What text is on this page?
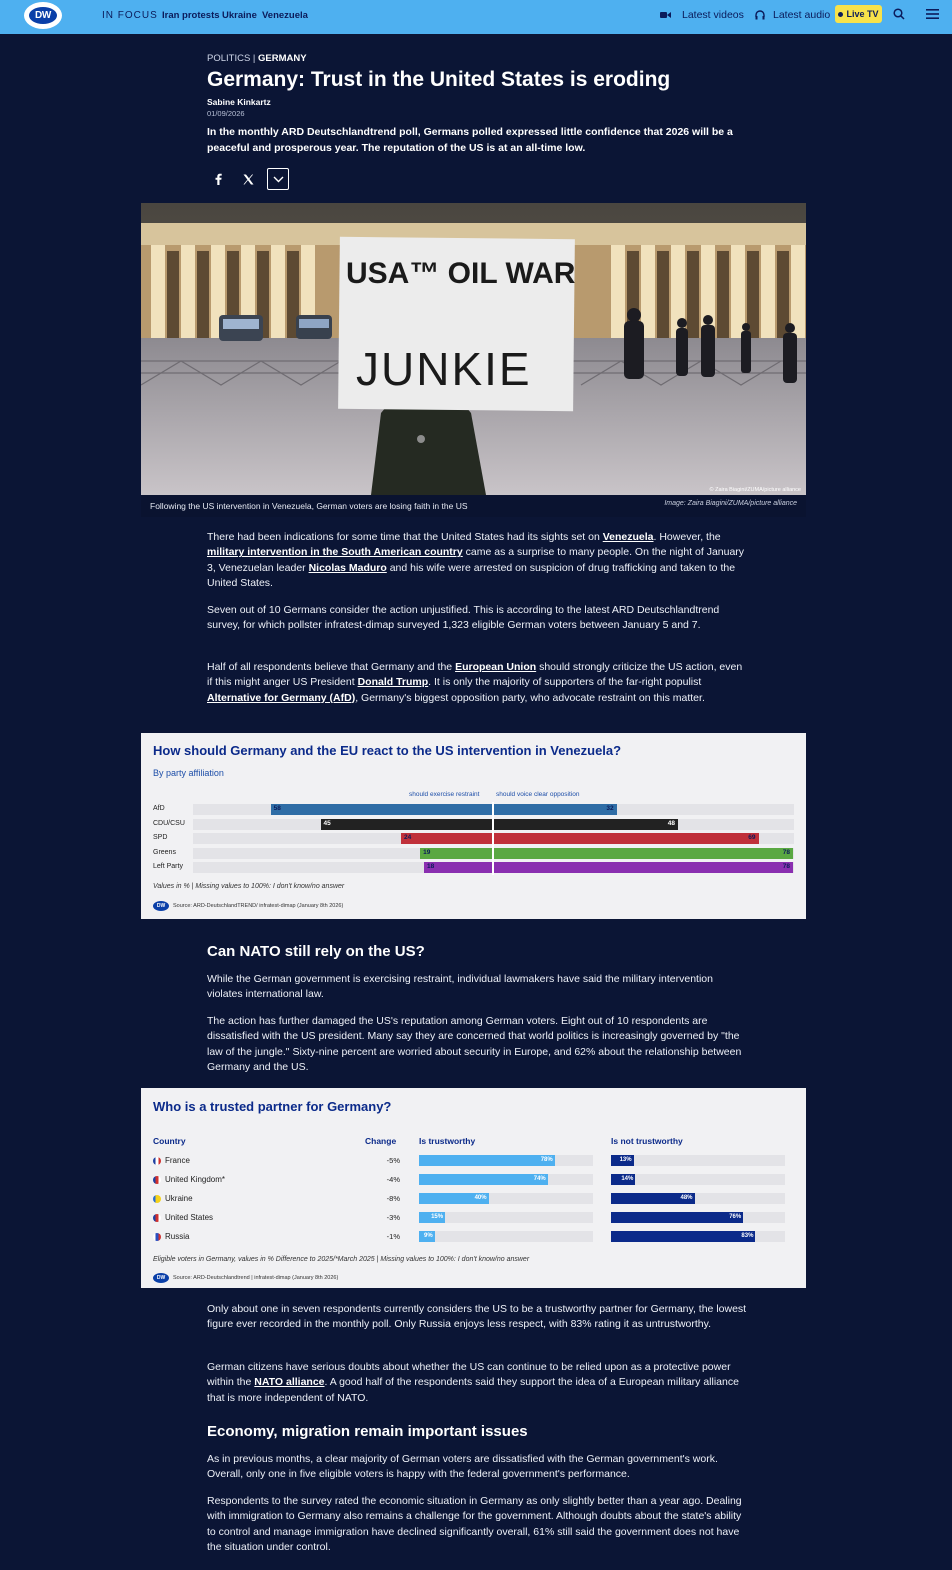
DW	IN FOCUS Iran protests Ukraine Venezuela	Latest videos	Latest audio Live TV
POLITICS | GERMANY
Germany: Trust in the United States is eroding
Sabine Kinkartz
01/09/2026
In the monthly ARD Deutschlandtrend poll, Germans polled expressed little confidence that 2026 will be a peaceful and prosperous year. The reputation of the US is at an all-time low.
USA™ OIL WAR
JUNKIE
© Zaira Biagini/ZUMA/picture alliance
Following the US intervention in Venezuela, German voters are losing faith in the US	Image: Zaira Biagini/ZUMA/picture alliance

There had been indications for some time that the United States had its sights set on Venezuela. However, the military intervention in the South American country came as a surprise to many people. On the night of January 3, Venezuelan leader Nicolas Maduro and his wife were arrested on suspicion of drug trafficking and taken to the United States.

Seven out of 10 Germans consider the action unjustified. This is according to the latest ARD Deutschlandtrend survey, for which pollster infratest-dimap surveyed 1,323 eligible German voters between January 5 and 7.

Half of all respondents believe that Germany and the European Union should strongly criticize the US action, even if this might anger US President Donald Trump. It is only the majority of supporters of the far-right populist Alternative for Germany (AfD), Germany's biggest opposition party, who advocate restraint on this matter.

How should Germany and the EU react to the US intervention in Venezuela?
By party affiliation
should exercise restraint	should voice clear opposition
AfD	58	32
CDU/CSU	45	48
SPD	24	69
Greens	19	78
Left Party	18	78
Values in % | Missing values to 100%: I don't know/no answer
DW	Source: ARD-DeutschlandTREND/ infratest-dimap (January 8th 2026)
Can NATO still rely on the US?

While the German government is exercising restraint, individual lawmakers have said the military intervention violates international law.

The action has further damaged the US's reputation among German voters. Eight out of 10 respondents are dissatisfied with the US president. Many say they are concerned that world politics is increasingly governed by "the law of the jungle." Sixty-nine percent are worried about security in Europe, and 62% about the relationship between Germany and the US.

Who is a trusted partner for Germany?
Country	Change	Is trustworthy	Is not trustworthy
France	-5%	78%	13%
United Kingdom*	-4%	74%	14%
Ukraine	-8%	40%	48%
United States	-3%	15%	76%
Russia	-1%	9%	83%
Eligible voters in Germany, values in % Difference to 2025/*March 2025 | Missing values to 100%: I don't know/no answer
DW	Source: ARD-Deutschlandtrend | infratest-dimap (January 8th 2026)

Only about one in seven respondents currently considers the US to be a trustworthy partner for Germany, the lowest figure ever recorded in the monthly poll. Only Russia enjoys less respect, with 83% rating it as untrustworthy.

German citizens have serious doubts about whether the US can continue to be relied upon as a protective power within the NATO alliance. A good half of the respondents said they support the idea of a European military alliance that is more independent of NATO.

Economy, migration remain important issues

As in previous months, a clear majority of German voters are dissatisfied with the German government's work. Overall, only one in five eligible voters is happy with the federal government's performance.

Respondents to the survey rated the economic situation in Germany as only slightly better than a year ago. Dealing with immigration to Germany also remains a challenge for the government. Although doubts about the state's ability to control and manage immigration have declined significantly overall, 61% still said the government does not have the situation under control.
